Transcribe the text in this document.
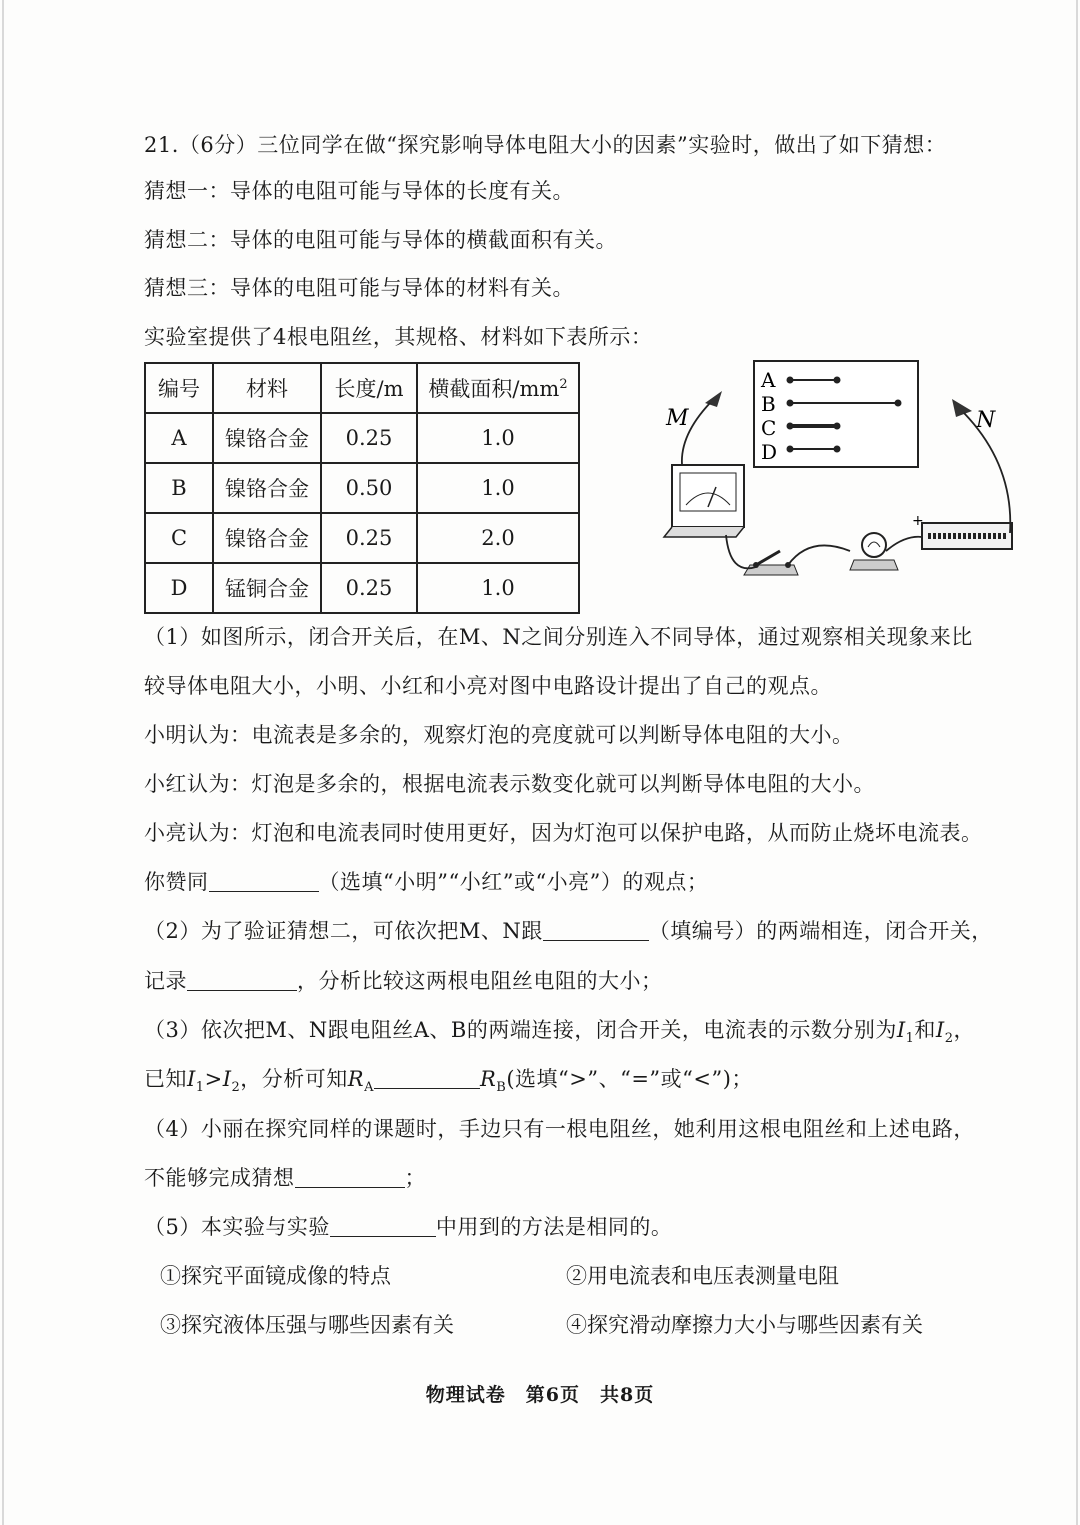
21.（6分）三位同学在做“探究影响导体电阻大小的因素”实验时，做出了如下猜想：
猜想一：导体的电阻可能与导体的长度有关。
猜想二：导体的电阻可能与导体的横截面积有关。
猜想三：导体的电阻可能与导体的材料有关。
实验室提供了4根电阻丝，其规格、材料如下表所示：
编号	材料	长度/m	横截面积$/mm^2$
A	镍铬合金	0.25	1.0
B	镍铬合金	0.50	1.0
C	镍铬合金	0.25	2.0
D	锰铜合金	0.25	1.0
A
B
C
D
M	N
+
（1）如图所示，闭合开关后，在M、N之间分别连入不同导体，通过观察相关现象来比
较导体电阻大小，小明、小红和小亮对图中电路设计提出了自己的观点。
小明认为：电流表是多余的，观察灯泡的亮度就可以判断导体电阻的大小。
小红认为：灯泡是多余的，根据电流表示数变化就可以判断导体电阻的大小。
小亮认为：灯泡和电流表同时使用更好，因为灯泡可以保护电路，从而防止烧坏电流表。
你赞同	（选填“小明”“小红”或“小亮”）的观点；
（2）为了验证猜想二，可依次把M、N跟	（填编号）的两端相连，闭合开关，
记录	，分析比较这两根电阻丝电阻的大小；
（3）依次把M、N跟电阻丝A、B的两端连接，闭合开关，电流表的示数分别为$I_1$和$I_2$，
已知$I_1>I_2$，分析可知$R_A$	$R_B$(选填“>”、“=”或“<”)；
（4）小丽在探究同样的课题时，手边只有一根电阻丝，她利用这根电阻丝和上述电路，
不能够完成猜想	；
（5）本实验与实验	中用到的方法是相同的。
①探究平面镜成像的特点	②用电流表和电压表测量电阻
③探究液体压强与哪些因素有关	④探究滑动摩擦力大小与哪些因素有关
物理试卷 第6页 共8页
